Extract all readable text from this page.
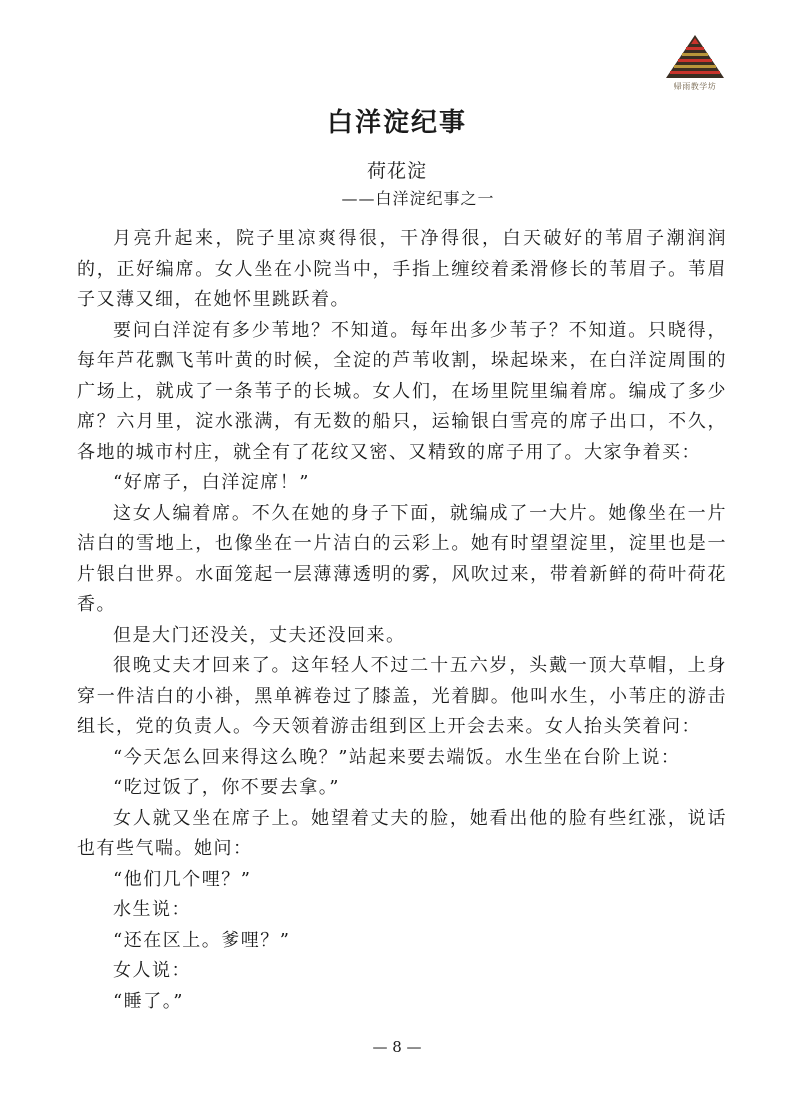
帰雨教学坊
白洋淀纪事
荷花淀
——白洋淀纪事之一

月亮升起来，院子里凉爽得很，干净得很，白天破好的苇眉子潮润润的，正好编席。女人坐在小院当中，手指上缠绞着柔滑修长的苇眉子。苇眉子又薄又细，在她怀里跳跃着。

要问白洋淀有多少苇地？不知道。每年出多少苇子？不知道。只晓得，每年芦花飘飞苇叶黄的时候，全淀的芦苇收割，垛起垛来，在白洋淀周围的广场上，就成了一条苇子的长城。女人们，在场里院里编着席。编成了多少席？六月里，淀水涨满，有无数的船只，运输银白雪亮的席子出口，不久，各地的城市村庄，就全有了花纹又密、又精致的席子用了。大家争着买：

“好席子，白洋淀席！”

这女人编着席。不久在她的身子下面，就编成了一大片。她像坐在一片洁白的雪地上，也像坐在一片洁白的云彩上。她有时望望淀里，淀里也是一片银白世界。水面笼起一层薄薄透明的雾，风吹过来，带着新鲜的荷叶荷花香。

但是大门还没关，丈夫还没回来。

很晚丈夫才回来了。这年轻人不过二十五六岁，头戴一顶大草帽，上身穿一件洁白的小褂，黑单裤卷过了膝盖，光着脚。他叫水生，小苇庄的游击组长，党的负责人。今天领着游击组到区上开会去来。女人抬头笑着问：

“今天怎么回来得这么晚？”站起来要去端饭。水生坐在台阶上说：

“吃过饭了，你不要去拿。”

女人就又坐在席子上。她望着丈夫的脸，她看出他的脸有些红涨，说话也有些气喘。她问：

“他们几个哩？”

水生说：

“还在区上。爹哩？”

女人说：

“睡了。”

— 8 —
